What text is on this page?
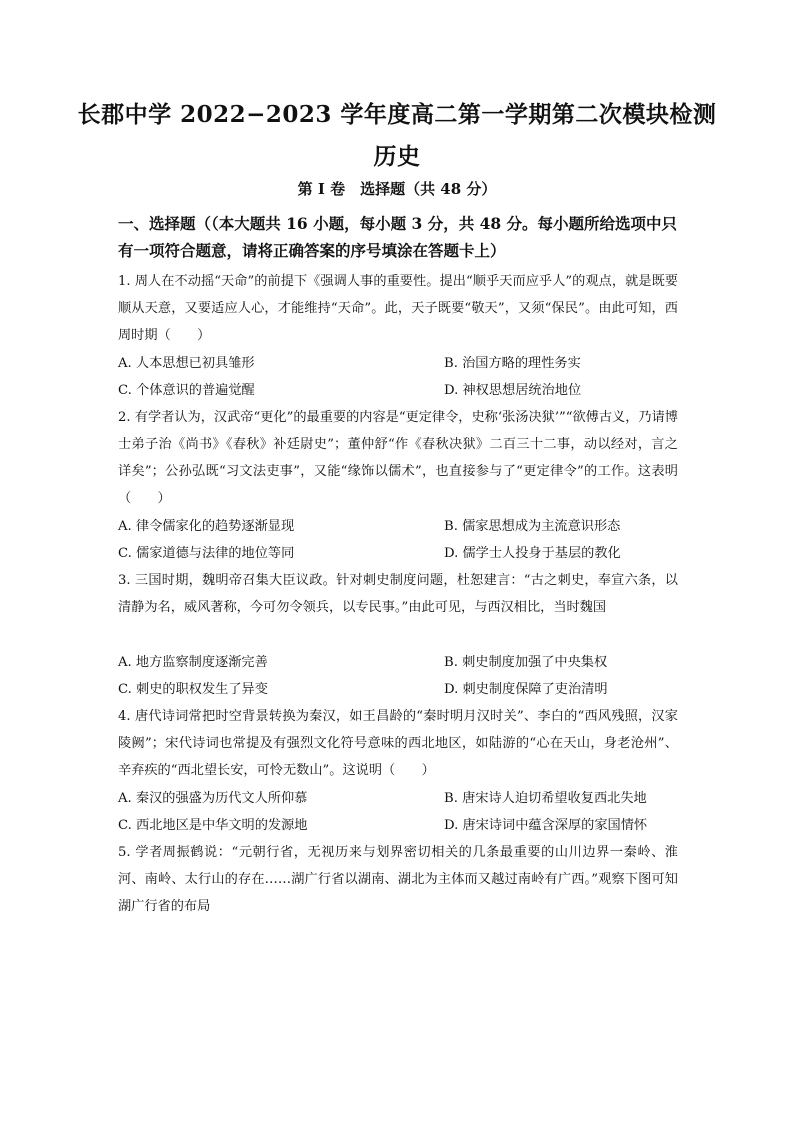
长郡中学 2022−2023 学年度高二第一学期第二次模块检测
历史
第 I 卷　选择题（共 48 分）
一、选择题（（本大题共 16 小题，每小题 3 分，共 48 分。每小题所给选项中只有一项符合题意，请将正确答案的序号填涂在答题卡上）
1. 周人在不动摇“天命”的前提下《强调人事的重要性。提出“顺乎天而应乎人”的观点，就是既要顺从天意，又要适应人心，才能维持“天命”。此，天子既要“敬天”，又须“保民”。由此可知，西周时期（　　）
A. 人本思想已初具雏形	B. 治国方略的理性务实
C. 个体意识的普遍觉醒	D. 神权思想居统治地位
2. 有学者认为，汉武帝“更化”的最重要的内容是“更定律令，史称‘张汤决狱’”“欲傅古义，乃请博士弟子治《尚书》《春秋》补廷尉史”；董仲舒“作《春秋决狱》二百三十二事，动以经对，言之详矣”；公孙弘既“习文法吏事”，又能“缘饰以儒术”，也直接参与了“更定律令”的工作。这表明（　　）
A. 律令儒家化的趋势逐渐显现	B. 儒家思想成为主流意识形态
C. 儒家道德与法律的地位等同	D. 儒学士人投身于基层的教化
3. 三国时期，魏明帝召集大臣议政。针对刺史制度问题，杜恕建言：“古之刺史，奉宣六条，以清静为名，威风著称，今可勿令领兵，以专民事。”由此可见，与西汉相比，当时魏国
A. 地方监察制度逐渐完善	B. 刺史制度加强了中央集权
C. 刺史的职权发生了异变	D. 刺史制度保障了吏治清明
4. 唐代诗词常把时空背景转换为秦汉，如王昌龄的“秦时明月汉时关”、李白的“西风残照，汉家陵阙”；宋代诗词也常提及有强烈文化符号意味的西北地区，如陆游的“心在天山，身老沧州”、辛弃疾的“西北望长安，可怜无数山”。这说明（　　）
A. 秦汉的强盛为历代文人所仰慕	B. 唐宋诗人迫切希望收复西北失地
C. 西北地区是中华文明的发源地	D. 唐宋诗词中蕴含深厚的家国情怀
5. 学者周振鹤说：“元朝行省，无视历来与划界密切相关的几条最重要的山川边界一秦岭、淮河、南岭、太行山的存在……湖广行省以湖南、湖北为主体而又越过南岭有广西。”观察下图可知湖广行省的布局
